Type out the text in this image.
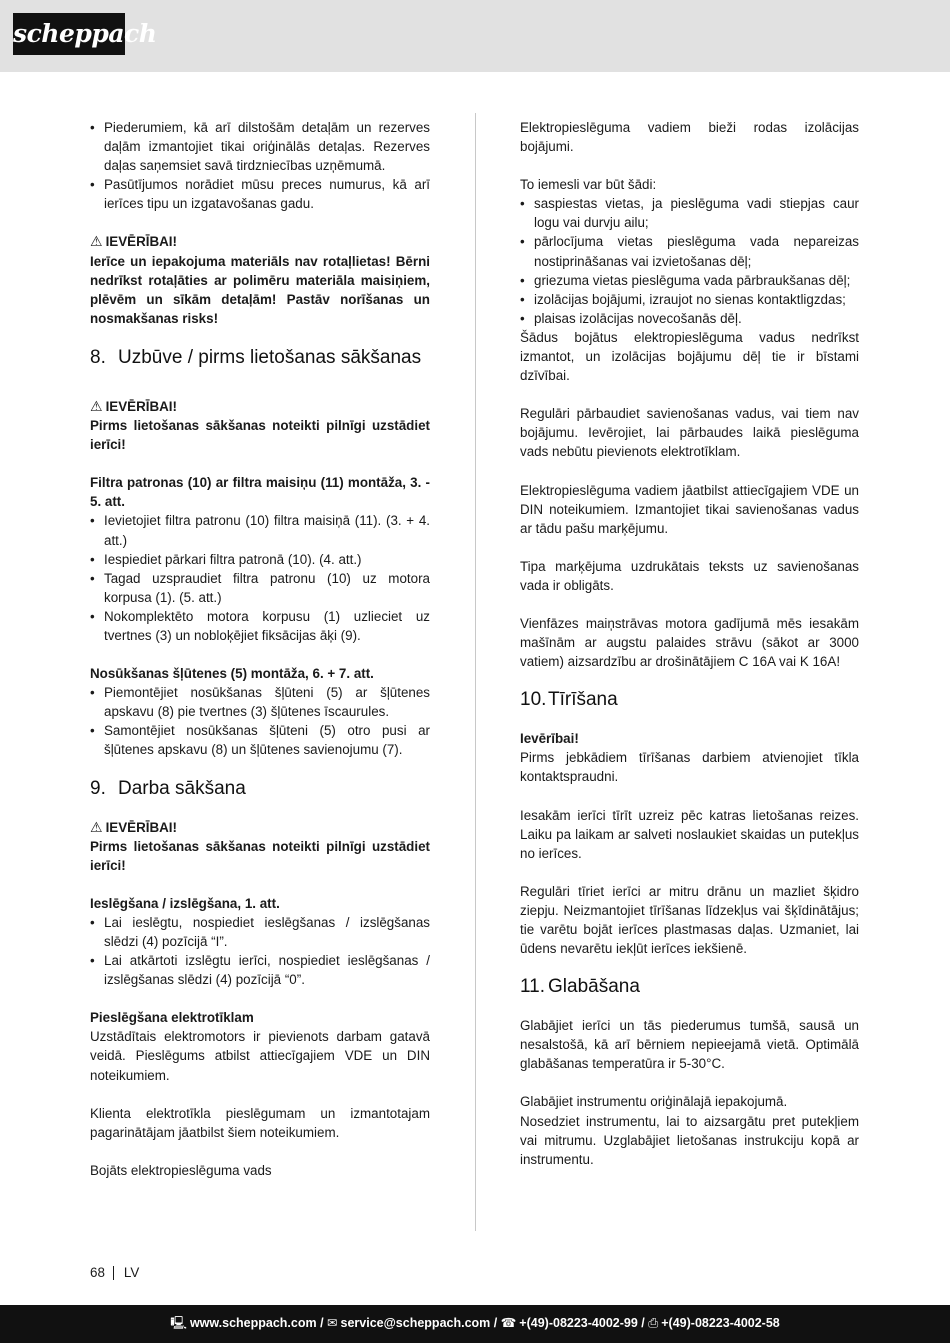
scheppach
• Piederumiem, kā arī dilstošām detaļām un rezerves daļām izmantojiet tikai oriģinālās detaļas. Rezerves daļas saņemsiet savā tirdzniecības uzņēmumā.
• Pasūtījumos norādiet mūsu preces numurus, kā arī ierīces tipu un izgatavošanas gadu.

⚠ IEVĒRĪBAI!

Ierīce un iepakojuma materiāls nav rotaļlietas! Bērni nedrīkst rotaļāties ar polimēru materiāla maisiņiem, plēvēm un sīkām detaļām! Pastāv norīšanas un nosmakšanas risks!

8. Uzbūve / pirms lietošanas sākšanas

⚠ IEVĒRĪBAI!

Pirms lietošanas sākšanas noteikti pilnīgi uzstādiet ierīci!

Filtra patronas (10) ar filtra maisiņu (11) montāža, 3. - 5. att.

• Ievietojiet filtra patronu (10) filtra maisiņā (11). (3. + 4. att.)
• Iespiediet pārkari filtra patronā (10). (4. att.)
• Tagad uzspraudiet filtra patronu (10) uz motora korpusa (1). (5. att.)
• Nokomplektēto motora korpusu (1) uzlieciet uz tvertnes (3) un nobloķējiet fiksācijas āķi (9).

Nosūkšanas šļūtenes (5) montāža, 6. + 7. att.

• Piemontējiet nosūkšanas šļūteni (5) ar šļūtenes apskavu (8) pie tvertnes (3) šļūtenes īscaurules.
• Samontējiet nosūkšanas šļūteni (5) otro pusi ar šļūtenes apskavu (8) un šļūtenes savienojumu (7).
9. Darba sākšana

⚠ IEVĒRĪBAI!

Pirms lietošanas sākšanas noteikti pilnīgi uzstādiet ierīci!

Ieslēgšana / izslēgšana, 1. att.

• Lai ieslēgtu, nospiediet ieslēgšanas / izslēgšanas slēdzi (4) pozīcijā “I”.
• Lai atkārtoti izslēgtu ierīci, nospiediet ieslēgšanas / izslēgšanas slēdzi (4) pozīcijā “0”.

Pieslēgšana elektrotīklam

Uzstādītais elektromotors ir pievienots darbam gatavā veidā. Pieslēgums atbilst attiecīgajiem VDE un DIN noteikumiem.

Klienta elektrotīkla pieslēgumam un izmantotajam pagarinātājam jāatbilst šiem noteikumiem.

Bojāts elektropieslēguma vads

Elektropieslēguma vadiem bieži rodas izolācijas bojājumi.

To iemesli var būt šādi:

• saspiestas vietas, ja pieslēguma vadi stiepjas caur logu vai durvju ailu;
• pārlocījuma vietas pieslēguma vada nepareizas nostiprināšanas vai izvietošanas dēļ;
• griezuma vietas pieslēguma vada pārbraukšanas dēļ;
• izolācijas bojājumi, izraujot no sienas kontaktligzdas;
• plaisas izolācijas novecošanās dēļ.

Šādus bojātus elektropieslēguma vadus nedrīkst izmantot, un izolācijas bojājumu dēļ tie ir bīstami dzīvībai.

Regulāri pārbaudiet savienošanas vadus, vai tiem nav bojājumu. Ievērojiet, lai pārbaudes laikā pieslēguma vads nebūtu pievienots elektrotīklam.

Elektropieslēguma vadiem jāatbilst attiecīgajiem VDE un DIN noteikumiem. Izmantojiet tikai savienošanas vadus ar tādu pašu marķējumu.

Tipa marķējuma uzdrukātais teksts uz savienošanas vada ir obligāts.

Vienfāzes maiņstrāvas motora gadījumā mēs iesakām mašīnām ar augstu palaides strāvu (sākot ar 3000 vatiem) aizsardzību ar drošinātājiem C 16A vai K 16A!

10. Tīrīšana

Ievērībai!

Pirms jebkādiem tīrīšanas darbiem atvienojiet tīkla kontaktspraudni.

Iesakām ierīci tīrīt uzreiz pēc katras lietošanas reizes. Laiku pa laikam ar salveti noslaukiet skaidas un putekļus no ierīces.

Regulāri tīriet ierīci ar mitru drānu un mazliet šķidro ziepju. Neizmantojiet tīrīšanas līdzekļus vai šķīdinātājus; tie varētu bojāt ierīces plastmasas daļas. Uzmaniet, lai ūdens nevarētu iekļūt ierīces iekšienē.

11. Glabāšana

Glabājiet ierīci un tās piederumus tumšā, sausā un nesalstošā, kā arī bērniem nepieejamā vietā. Optimālā glabāšanas temperatūra ir 5-30°C.

Glabājiet instrumentu oriģinālajā iepakojumā.

Nosedziet instrumentu, lai to aizsargātu pret putekļiem vai mitrumu. Uzglabājiet lietošanas instrukciju kopā ar instrumentu.

68 LV
🖳 www.scheppach.com / ✉ service@scheppach.com / ☎ +(49)-08223-4002-99 / ⎙ +(49)-08223-4002-58
